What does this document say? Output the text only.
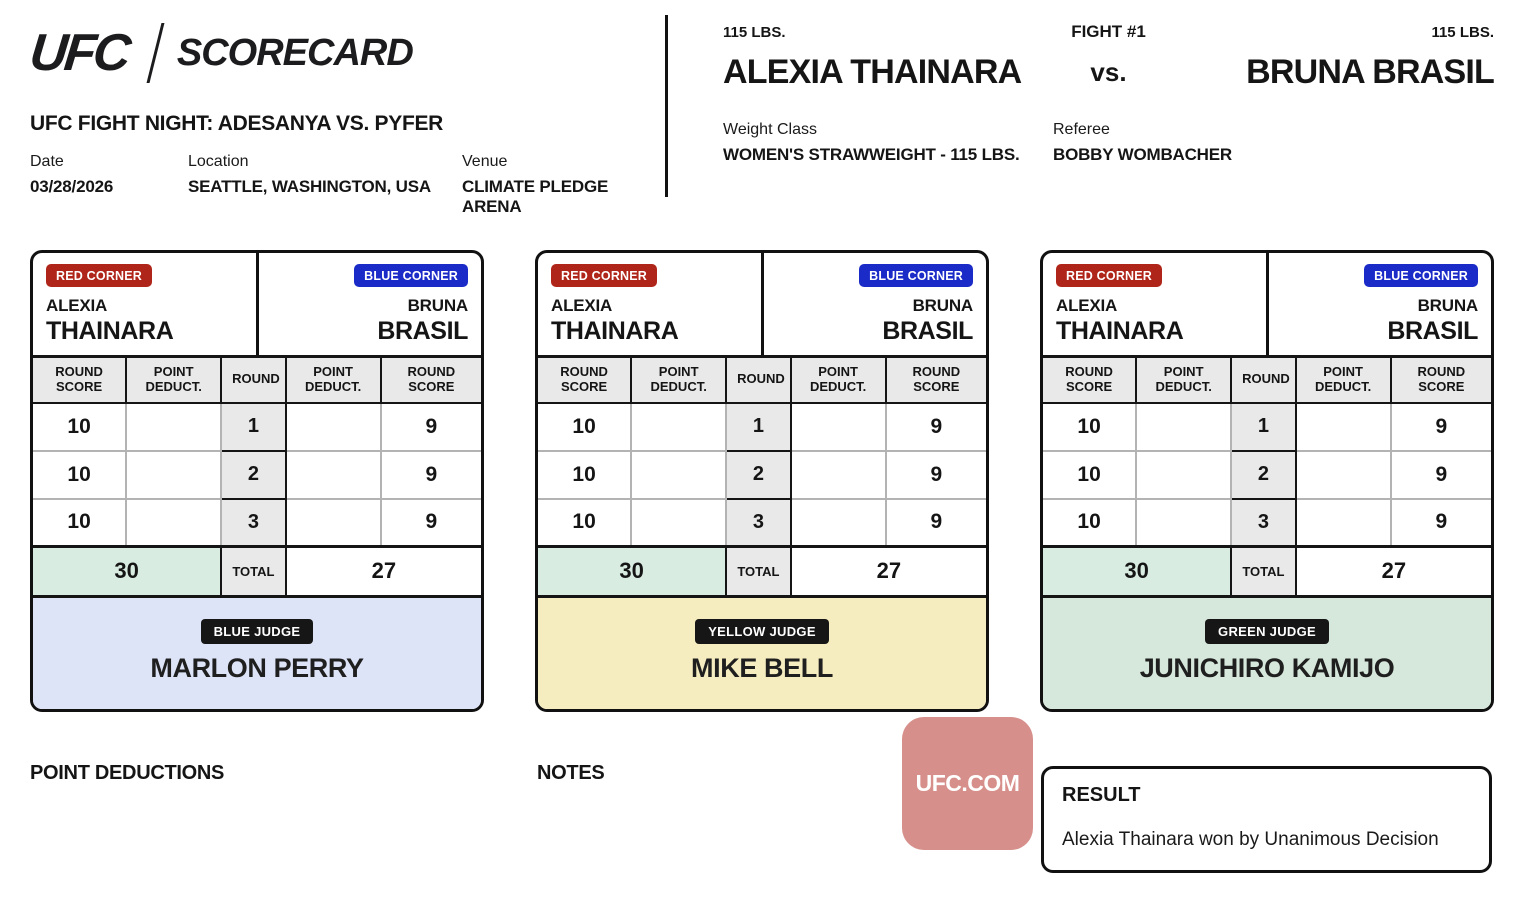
UFC SCORECARD
UFC FIGHT NIGHT: ADESANYA VS. PYFER
Date
03/28/2026
Location
SEATTLE, WASHINGTON, USA
Venue
CLIMATE PLEDGE ARENA
115 LBS.	FIGHT #1	115 LBS.
ALEXIA THAINARA	vs.	BRUNA BRASIL
Weight Class
WOMEN'S STRAWWEIGHT - 115 LBS.
Referee
BOBBY WOMBACHER
RED CORNER
ALEXIA
THAINARA
BLUE CORNER
BRUNA
BRASIL
ROUND SCORE	POINT DEDUCT.	ROUND	POINT DEDUCT.	ROUND SCORE
10		1		9
10		2		9
10		3		9
30		TOTAL	27	
BLUE JUDGE
MARLON PERRY
RED CORNER
ALEXIA
THAINARA
BLUE CORNER
BRUNA
BRASIL
ROUND SCORE	POINT DEDUCT.	ROUND	POINT DEDUCT.	ROUND SCORE
10		1		9
10		2		9
10		3		9
30		TOTAL	27	
YELLOW JUDGE
MIKE BELL
RED CORNER
ALEXIA
THAINARA
BLUE CORNER
BRUNA
BRASIL
ROUND SCORE	POINT DEDUCT.	ROUND	POINT DEDUCT.	ROUND SCORE
10		1		9
10		2		9
10		3		9
30		TOTAL	27	
GREEN JUDGE
JUNICHIRO KAMIJO
POINT DEDUCTIONS	NOTES	UFC.COM	RESULT
Alexia Thainara won by Unanimous Decision
